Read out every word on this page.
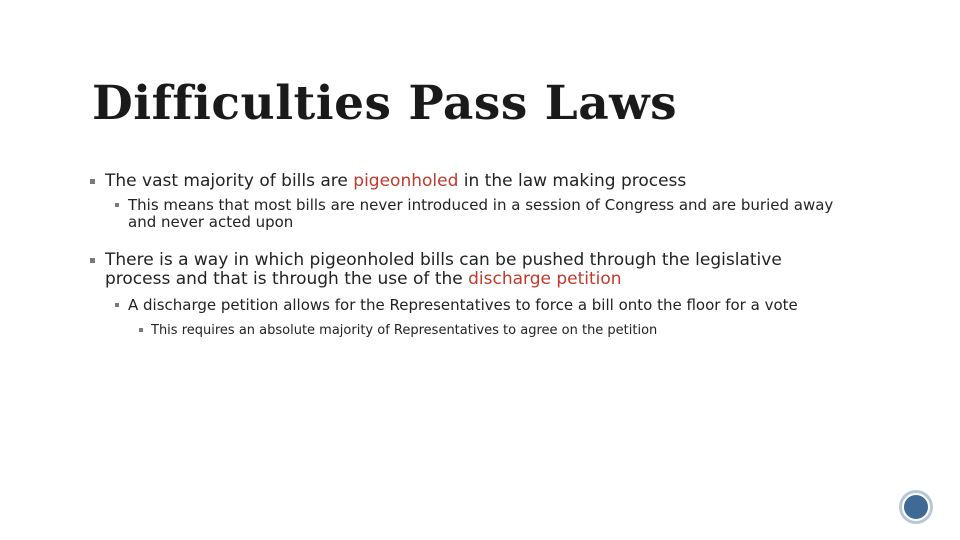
Difficulties Pass Laws
The vast majority of bills are pigeonholed in the law making process
This means that most bills are never introduced in a session of Congress and are buried away and never acted upon
There is a way in which pigeonholed bills can be pushed through the legislative process and that is through the use of the discharge petition
A discharge petition allows for the Representatives to force a bill onto the floor for a vote
This requires an absolute majority of Representatives to agree on the petition
